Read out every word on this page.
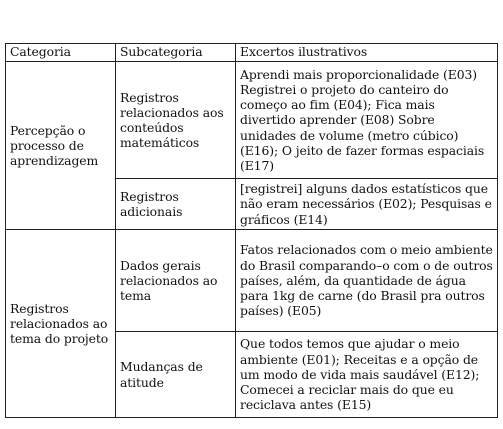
Categoria	Subcategoria	Excertos ilustrativos
Percepção o processo de aprendizagem	Registros relacionados aos conteúdos matemáticos	Aprendi mais proporcionalidade (E03) Registrei o projeto do canteiro do começo ao fim (E04); Fica mais divertido aprender (E08) Sobre unidades de volume (metro cúbico) (E16); O jeito de fazer formas espaciais (E17)
	Registros adicionais	[registrei] alguns dados estatísticos que não eram necessários (E02); Pesquisas e gráficos (E14)
Registros relacionados ao tema do projeto	Dados gerais relacionados ao tema	Fatos relacionados com o meio ambiente do Brasil comparando–o com o de outros países, além, da quantidade de água para 1kg de carne (do Brasil pra outros países) (E05)
	Mudanças de atitude	Que todos temos que ajudar o meio ambiente (E01); Receitas e a opção de um modo de vida mais saudável (E12); Comecei a reciclar mais do que eu reciclava antes (E15)
